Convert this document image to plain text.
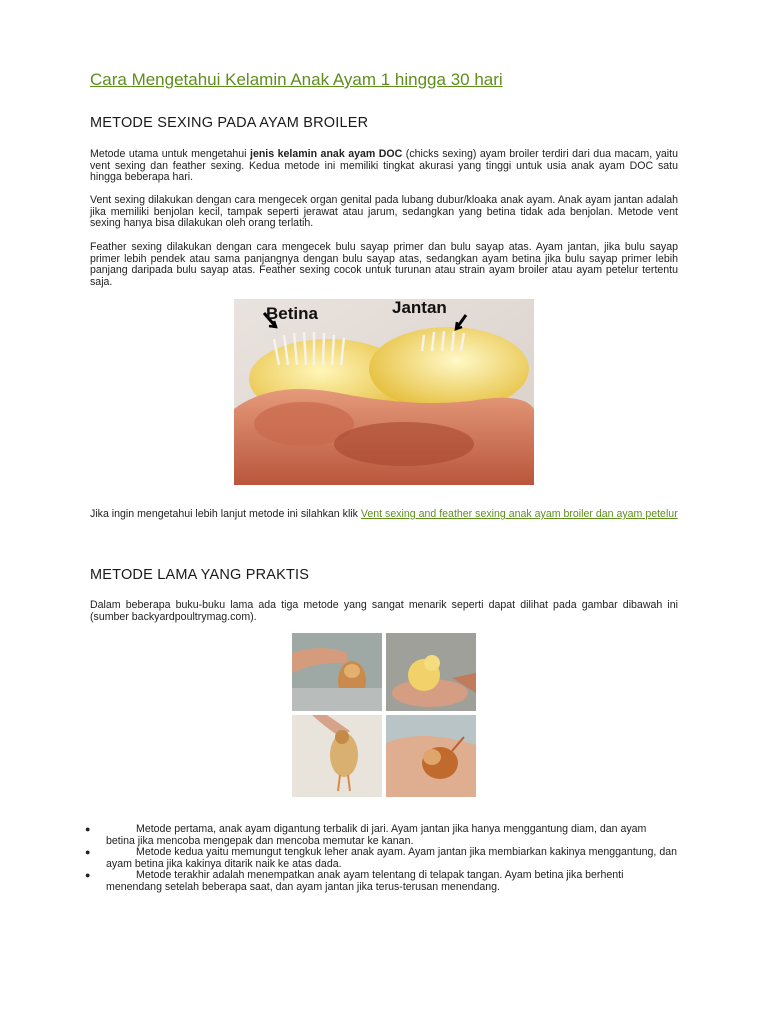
Cara Mengetahui Kelamin Anak Ayam 1 hingga 30 hari
METODE SEXING PADA AYAM BROILER

Metode utama untuk mengetahui jenis kelamin anak ayam DOC (chicks sexing) ayam broiler terdiri dari dua macam, yaitu vent sexing dan feather sexing. Kedua metode ini memiliki tingkat akurasi yang tinggi untuk usia anak ayam DOC satu hingga beberapa hari.

Vent sexing dilakukan dengan cara mengecek organ genital pada lubang dubur/kloaka anak ayam. Anak ayam jantan adalah jika memiliki benjolan kecil, tampak seperti jerawat atau jarum, sedangkan yang betina tidak ada benjolan. Metode vent sexing hanya bisa dilakukan oleh orang terlatih.

Feather sexing dilakukan dengan cara mengecek bulu sayap primer dan bulu sayap atas. Ayam jantan, jika bulu sayap primer lebih pendek atau sama panjangnya dengan bulu sayap atas, sedangkan ayam betina jika bulu sayap primer lebih panjang daripada bulu sayap atas. Feather sexing cocok untuk turunan atau strain ayam broiler atau ayam petelur tertentu saja.

Betina	Jantan

Jika ingin mengetahui lebih lanjut metode ini silahkan klik Vent sexing and feather sexing anak ayam broiler dan ayam petelur

METODE LAMA YANG PRAKTIS

Dalam beberapa buku-buku lama ada tiga metode yang sangat menarik seperti dapat dilihat pada gambar dibawah ini (sumber backyardpoultrymag.com).

●	Metode pertama, anak ayam digantung terbalik di jari. Ayam jantan jika hanya menggantung diam, dan ayam betina jika mencoba mengepak dan mencoba memutar ke kanan.
●	Metode kedua yaitu memungut tengkuk leher anak ayam. Ayam jantan jika membiarkan kakinya menggantung, dan ayam betina jika kakinya ditarik naik ke atas dada.
●	Metode terakhir adalah menempatkan anak ayam telentang di telapak tangan. Ayam betina jika berhenti menendang setelah beberapa saat, dan ayam jantan jika terus-terusan menendang.
